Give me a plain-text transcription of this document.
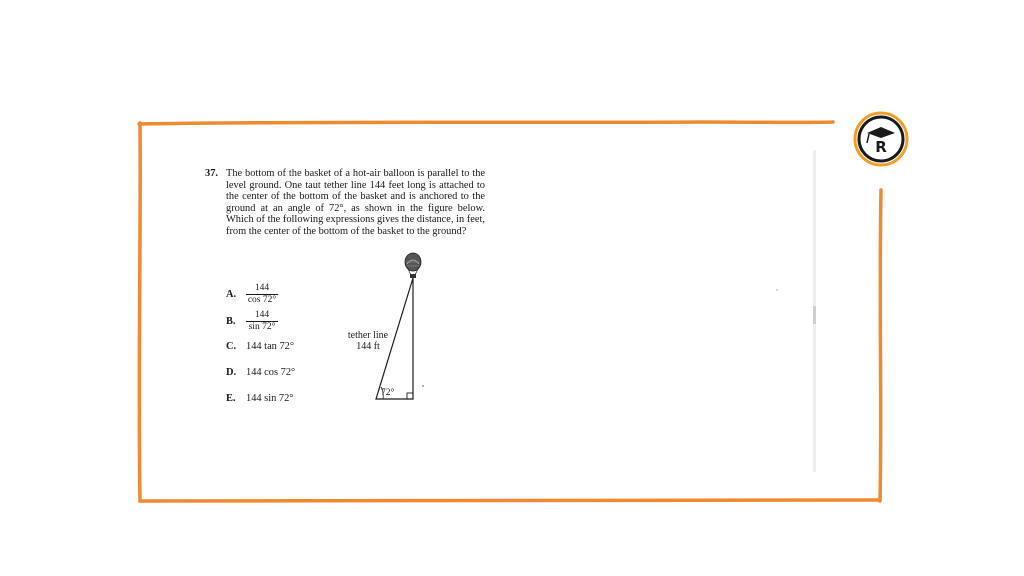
R
37. The bottom of the basket of a hot-air balloon is parallel to the level ground. One taut tether line 144 feet long is attached to the center of the bottom of the basket and is anchored to the ground at an angle of 72°, as shown in the figure below. Which of the following expressions gives the distance, in feet, from the center of the bottom of the basket to the ground?
A. $\frac{144}{\cos 72^\circ}$
B. $\frac{144}{\sin 72^\circ}$
C. 144 tan 72°
D. 144 cos 72°
E. 144 sin 72°
tether line
144 ft
72°
